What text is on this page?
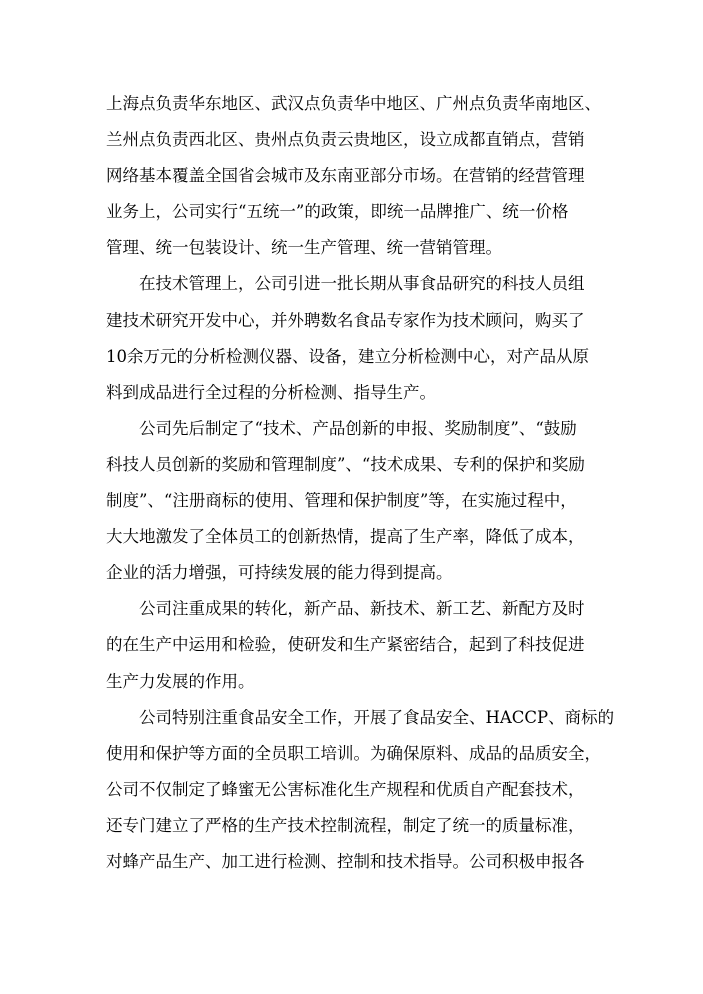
上海点负责华东地区、武汉点负责华中地区、广州点负责华南地区、
兰州点负责西北区、贵州点负责云贵地区，设立成都直销点，营销
网络基本覆盖全国省会城市及东南亚部分市场。在营销的经营管理
业务上，公司实行“五统一”的政策，即统一品牌推广、统一价格
管理、统一包装设计、统一生产管理、统一营销管理。
在技术管理上，公司引进一批长期从事食品研究的科技人员组
建技术研究开发中心，并外聘数名食品专家作为技术顾问，购买了
10余万元的分析检测仪器、设备，建立分析检测中心，对产品从原
料到成品进行全过程的分析检测、指导生产。
公司先后制定了“技术、产品创新的申报、奖励制度”、“鼓励
科技人员创新的奖励和管理制度”、“技术成果、专利的保护和奖励
制度”、“注册商标的使用、管理和保护制度”等，在实施过程中，
大大地激发了全体员工的创新热情，提高了生产率，降低了成本，
企业的活力增强，可持续发展的能力得到提高。
公司注重成果的转化，新产品、新技术、新工艺、新配方及时
的在生产中运用和检验，使研发和生产紧密结合，起到了科技促进
生产力发展的作用。
公司特别注重食品安全工作，开展了食品安全、HACCP、商标的
使用和保护等方面的全员职工培训。为确保原料、成品的品质安全，
公司不仅制定了蜂蜜无公害标准化生产规程和优质自产配套技术，
还专门建立了严格的生产技术控制流程，制定了统一的质量标准，
对蜂产品生产、加工进行检测、控制和技术指导。公司积极申报各
